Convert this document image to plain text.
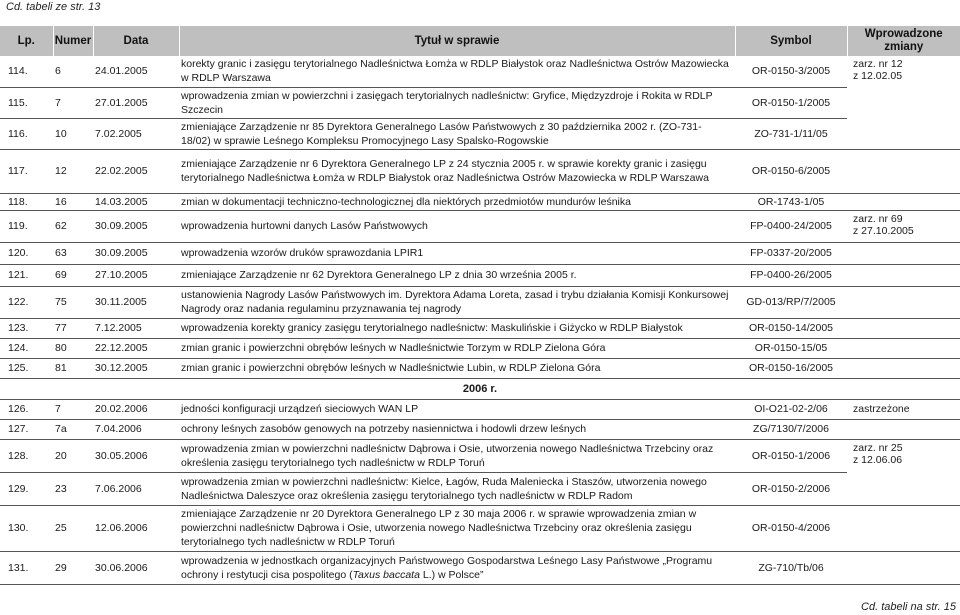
Cd. tabeli ze str. 13
Lp.	Numer	Data	Tytuł w sprawie	Symbol	Wprowadzone zmiany
114.	6	24.01.2005	korekty granic i zasięgu terytorialnego Nadleśnictwa Łomża w RDLP Białystok oraz Nadleśnictwa Ostrów Mazowiecka w RDLP Warszawa	OR-0150-3/2005	zarz. nr 12
z 12.02.05

115.	7	27.01.2005	wprowadzenia zmian w powierzchni i zasięgach terytorialnych nadleśnictw: Gryfice, Międzyzdroje i Rokita w RDLP Szczecin	OR-0150-1/2005	
116.	10	7.02.2005	zmieniające Zarządzenie nr 85 Dyrektora Generalnego Lasów Państwowych z 30 października 2002 r. (ZO-731-18/02) w sprawie Leśnego Kompleksu Promocyjnego Lasy Spalsko-Rogowskie	ZO-731-1/11/05	
117.	12	22.02.2005	zmieniające Zarządzenie nr 6 Dyrektora Generalnego LP z 24 stycznia 2005 r. w sprawie korekty granic i zasięgu terytorialnego Nadleśnictwa Łomża w RDLP Białystok oraz Nadleśnictwa Ostrów Mazowiecka w RDLP Warszawa	OR-0150-6/2005	
118.	16	14.03.2005	zmian w dokumentacji techniczno-technologicznej dla niektórych przedmiotów mundurów leśnika	OR-1743-1/05	
119.	62	30.09.2005	wprowadzenia hurtowni danych Lasów Państwowych	FP-0400-24/2005	zarz. nr 69
z 27.10.2005

120.	63	30.09.2005	wprowadzenia wzorów druków sprawozdania LPIR1	FP-0337-20/2005	
121.	69	27.10.2005	zmieniające Zarządzenie nr 62 Dyrektora Generalnego LP z dnia 30 września 2005 r.	FP-0400-26/2005	
122.	75	30.11.2005	ustanowienia Nagrody Lasów Państwowych im. Dyrektora Adama Loreta, zasad i trybu działania Komisji Konkursowej Nagrody oraz nadania regulaminu przyznawania tej nagrody	GD-013/RP/7/2005	
123.	77	7.12.2005	wprowadzenia korekty granicy zasięgu terytorialnego nadleśnictw: Maskulińskie i Giżycko w RDLP Białystok	OR-0150-14/2005	
124.	80	22.12.2005	zmian granic i powierzchni obrębów leśnych w Nadleśnictwie Torzym w RDLP Zielona Góra	OR-0150-15/05	
125.	81	30.12.2005	zmian granic i powierzchni obrębów leśnych w Nadleśnictwie Lubin, w RDLP Zielona Góra	OR-0150-16/2005	
2006 r.					
126.	7	20.02.2006	jedności konfiguracji urządzeń sieciowych WAN LP	OI-O21-02-2/06	zastrzeżone
127.	7a	7.04.2006	ochrony leśnych zasobów genowych na potrzeby nasiennictwa i hodowli drzew leśnych	ZG/7130/7/2006	
128.	20	30.05.2006	wprowadzenia zmian w powierzchni nadleśnictw Dąbrowa i Osie, utworzenia nowego Nadleśnictwa Trzebciny oraz określenia zasięgu terytorialnego tych nadleśnictw w RDLP Toruń	OR-0150-1/2006	zarz. nr 25
z 12.06.06

129.	23	7.06.2006	wprowadzenia zmian w powierzchni nadleśnictw: Kielce, Łagów, Ruda Maleniecka i Staszów, utworzenia nowego Nadleśnictwa Daleszyce oraz określenia zasięgu terytorialnego tych nadleśnictw w RDLP Radom	OR-0150-2/2006	
130.	25	12.06.2006	zmieniające Zarządzenie nr 20 Dyrektora Generalnego LP z 30 maja 2006 r. w sprawie wprowadzenia zmian w powierzchni nadleśnictw Dąbrowa i Osie, utworzenia nowego Nadleśnictwa Trzebciny oraz określenia zasięgu terytorialnego tych nadleśnictw w RDLP Toruń	OR-0150-4/2006	
131.	29	30.06.2006	wprowadzenia w jednostkach organizacyjnych Państwowego Gospodarstwa Leśnego Lasy Państwowe „Programu ochrony i restytucji cisa pospolitego (Taxus baccata L.) w Polsce”	ZG-710/Tb/06	
Cd. tabeli na str. 15
